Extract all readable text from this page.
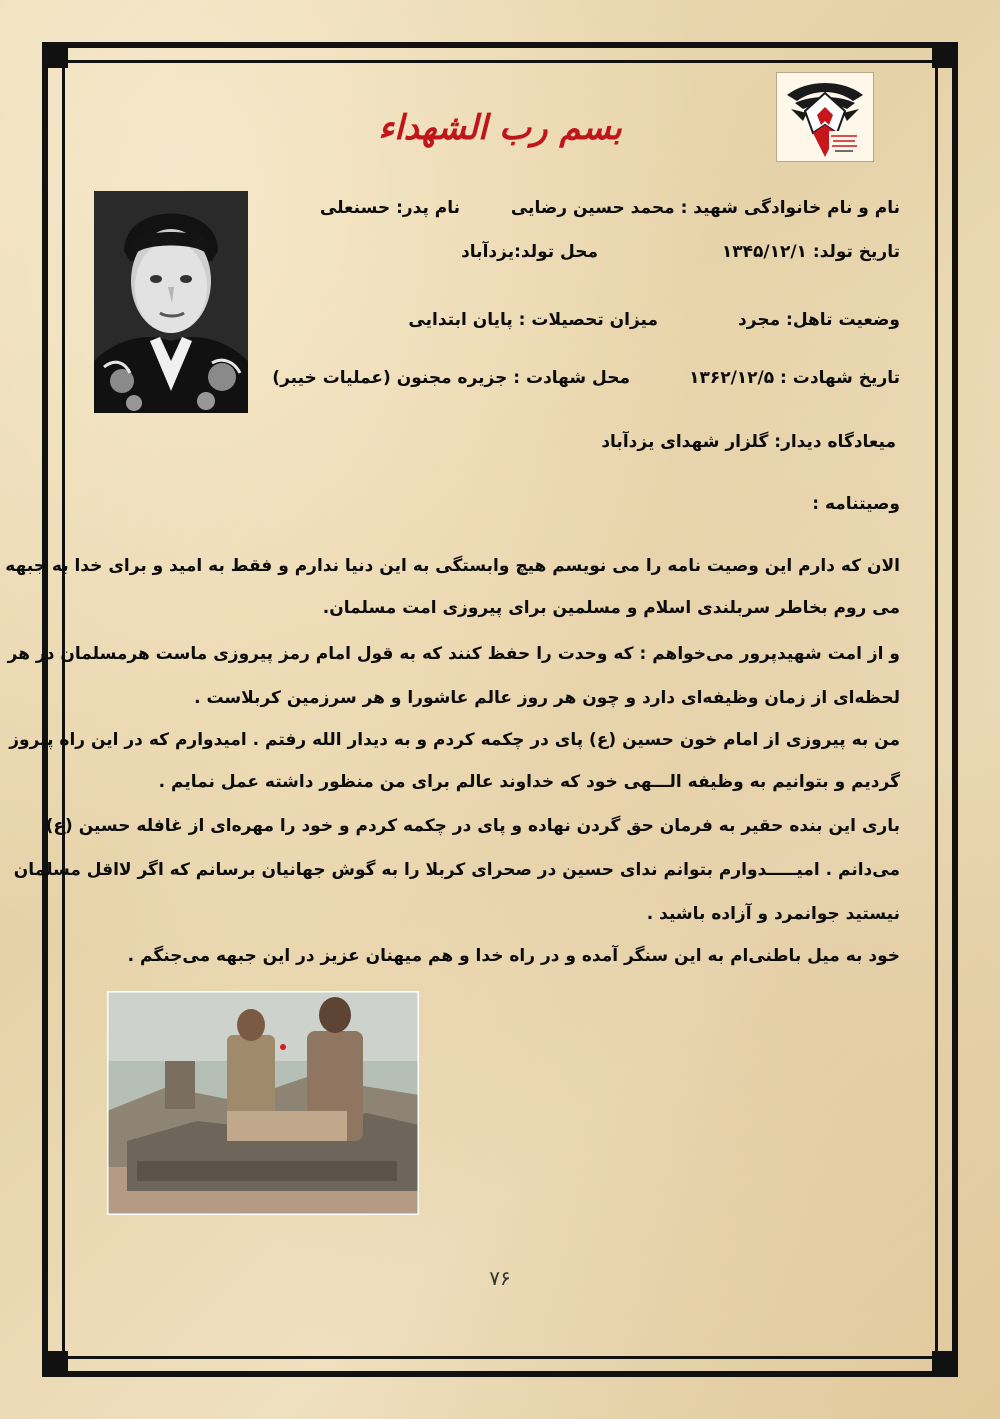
بسم رب الشهداء
نام و نام خانوادگی شهید : محمد حسین رضایی
نام پدر: حسنعلی
تاریخ تولد: ۱۳۴۵/۱۲/۱
محل تولد:یزدآباد
وضعیت تاهل: مجرد
میزان تحصیلات : پایان ابتدایی
تاریخ شهادت : ۱۳۶۲/۱۲/۵
محل شهادت : جزیره مجنون (عملیات خیبر)
میعادگاه دیدار: گلزار شهدای یزدآباد
وصیتنامه :
الان که دارم این وصیت نامه را می نویسم هیچ وابستگی به این دنیا ندارم و فقط به امید و برای خدا به جبهه
می روم بخاطر سربلندی اسلام و مسلمین برای پیروزی امت مسلمان.
و از امت شهیدپرور می‌خواهم : که وحدت را حفظ کنند که به قول امام رمز پیروزی ماست هرمسلمان در هر
لحظه‌ای از زمان وظیفه‌ای دارد و چون هر روز عالم عاشورا و هر سرزمین کربلاست .
من به پیروزی از امام خون حسین (ع) پای در چکمه کردم و به دیدار الله رفتم . امیدوارم که در این راه پیروز
گردیم و بتوانیم به وظیفه الـــهی خود که خداوند عالم برای من منظور داشته عمل نمایم .
باری این بنده حقیر به فرمان حق گردن نهاده و پای در چکمه کردم و خود را مهره‌ای از غافله حسین (ع)
می‌دانم . امیـــــدوارم بتوانم ندای حسین در صحرای کربلا را به گوش جهانیان برسانم که اگر لااقل مسلمان
نیستید جوانمرد و آزاده باشید .
خود به میل باطنی‌ام به این سنگر آمده و در راه خدا و هم میهنان عزیز در این جبهه می‌جنگم .
۷۶
